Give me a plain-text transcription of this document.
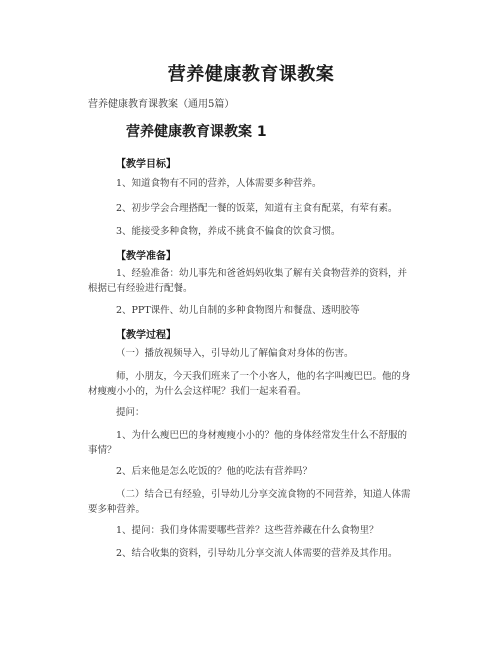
营养健康教育课教案
营养健康教育课教案（通用5篇）
营养健康教育课教案 1
【教学目标】

1、知道食物有不同的营养，人体需要多种营养。

2、初步学会合理搭配一餐的饭菜，知道有主食有配菜，有荤有素。

3、能接受多种食物，养成不挑食不偏食的饮食习惯。

【教学准备】

1、经验准备：幼儿事先和爸爸妈妈收集了解有关食物营养的资料，并根据已有经验进行配餐。

2、PPT课件、幼儿自制的多种食物图片和餐盘、透明胶等

【教学过程】

（一）播放视频导入，引导幼儿了解偏食对身体的伤害。

师，小朋友，今天我们班来了一个小客人，他的名字叫瘦巴巴。他的身材瘦瘦小小的，为什么会这样呢？我们一起来看看。

提问：

1、为什么瘦巴巴的身材瘦瘦小小的？他的身体经常发生什么不舒服的事情？

2、后来他是怎么吃饭的？他的吃法有营养吗？

（二）结合已有经验，引导幼儿分享交流食物的不同营养，知道人体需要多种营养。

1、提问：我们身体需要哪些营养？这些营养藏在什么食物里？

2、结合收集的资料，引导幼儿分享交流人体需要的营养及其作用。
